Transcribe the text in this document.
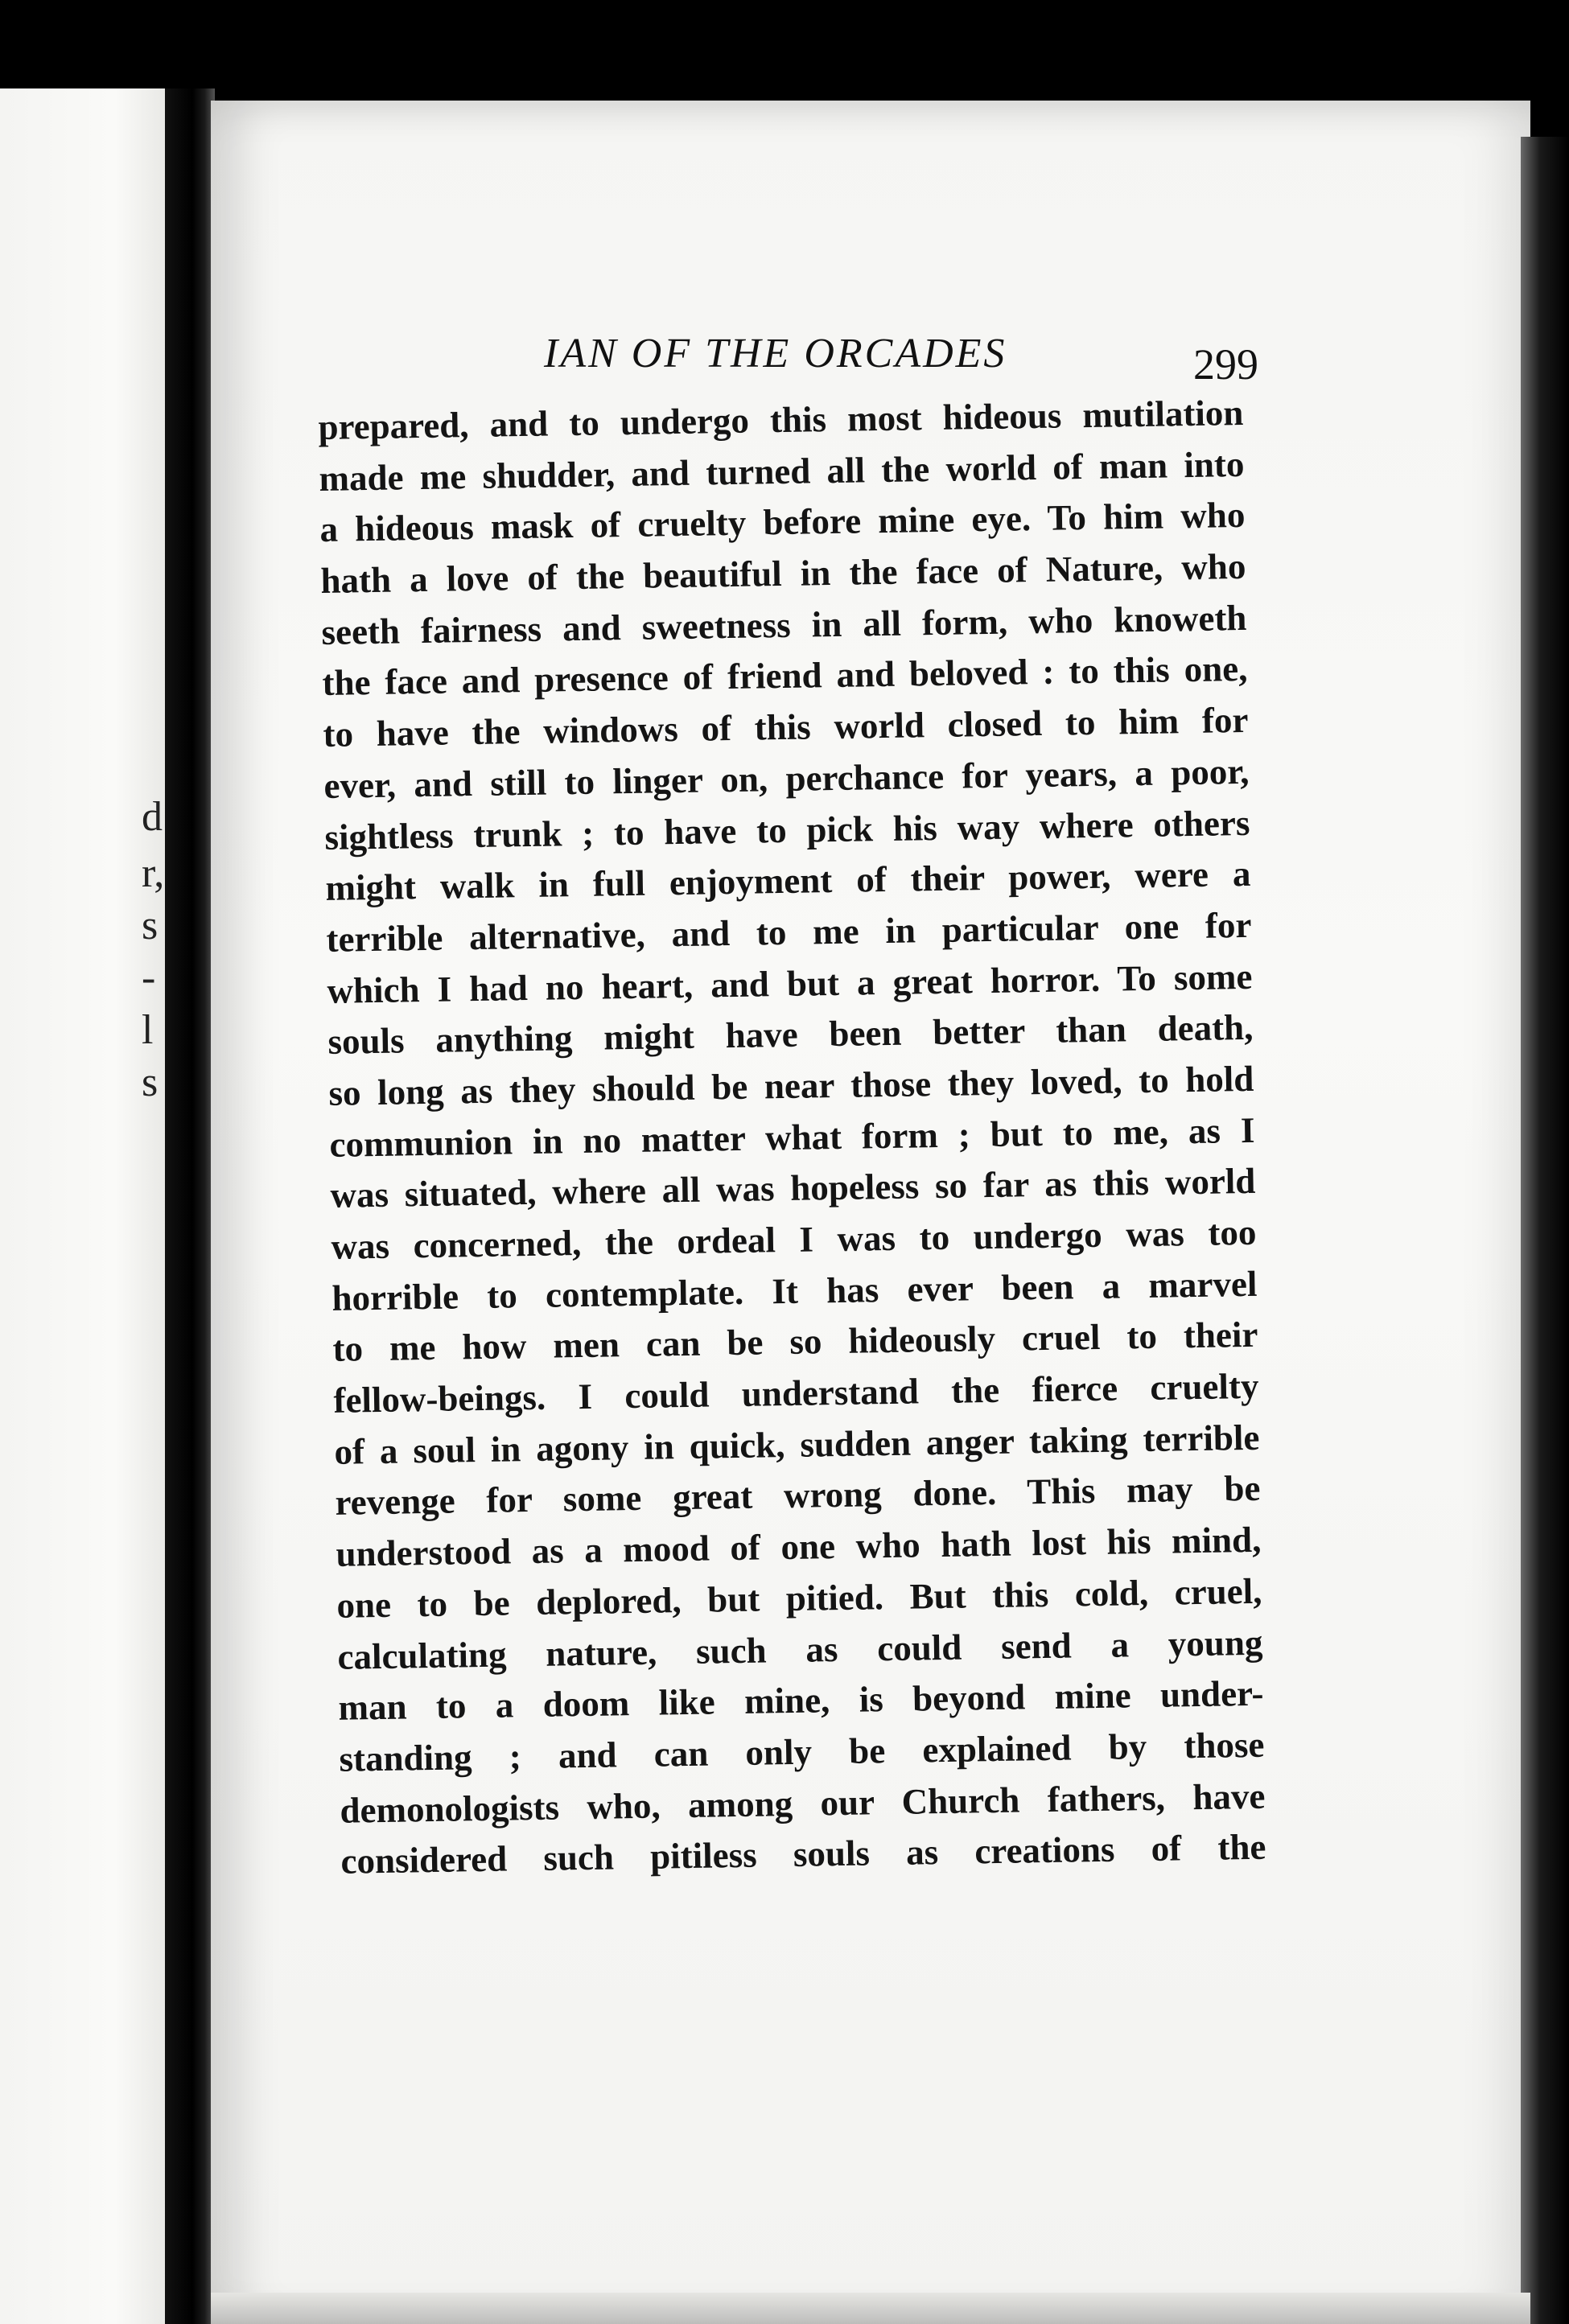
d
r,
s
-
l
s
IAN OF THE ORCADES	299
prepared, and to undergo this most hideous mutilation
made me shudder, and turned all the world of man into
a hideous mask of cruelty before mine eye. To him who
hath a love of the beautiful in the face of Nature, who
seeth fairness and sweetness in all form, who knoweth
the face and presence of friend and beloved : to this one,
to have the windows of this world closed to him for
ever, and still to linger on, perchance for years, a poor,
sightless trunk ; to have to pick his way where others
might walk in full enjoyment of their power, were a
terrible alternative, and to me in particular one for
which I had no heart, and but a great horror. To some
souls anything might have been better than death,
so long as they should be near those they loved, to hold
communion in no matter what form ; but to me, as I
was situated, where all was hopeless so far as this world
was concerned, the ordeal I was to undergo was too
horrible to contemplate. It has ever been a marvel
to me how men can be so hideously cruel to their
fellow-beings. I could understand the fierce cruelty
of a soul in agony in quick, sudden anger taking terrible
revenge for some great wrong done. This may be
understood as a mood of one who hath lost his mind,
one to be deplored, but pitied. But this cold, cruel,
calculating nature, such as could send a young
man to a doom like mine, is beyond mine under-
standing ; and can only be explained by those
demonologists who, among our Church fathers, have
considered such pitiless souls as creations of the
